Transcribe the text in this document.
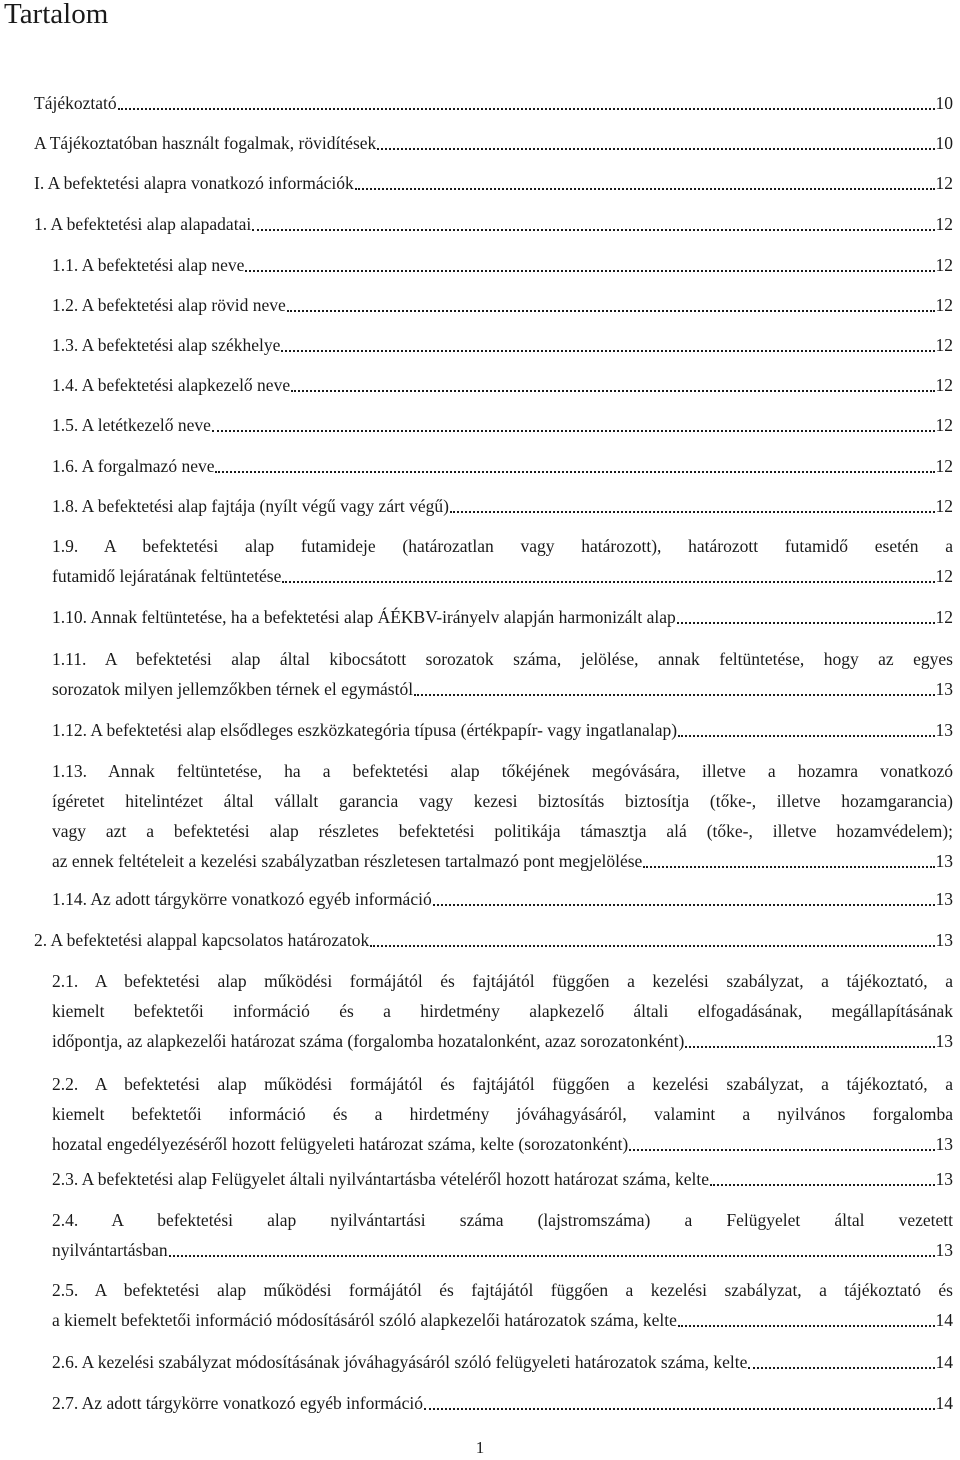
Tartalom
Tájékoztató	10
A Tájékoztatóban használt fogalmak, rövidítések	10
I. A befektetési alapra vonatkozó információk	12
1. A befektetési alap alapadatai	12
1.1. A befektetési alap neve	12
1.2. A befektetési alap rövid neve	12
1.3. A befektetési alap székhelye	12
1.4. A befektetési alapkezelő neve	12
1.5. A letétkezelő neve	12
1.6. A forgalmazó neve	12
1.8. A befektetési alap fajtája (nyílt végű vagy zárt végű)	12
1.9. A befektetési alap futamideje (határozatlan vagy határozott), határozott futamidő esetén a
futamidő lejáratának feltüntetése	12
1.10. Annak feltüntetése, ha a befektetési alap ÁÉKBV-irányelv alapján harmonizált alap	12
1.11. A befektetési alap által kibocsátott sorozatok száma, jelölése, annak feltüntetése, hogy az egyes
sorozatok milyen jellemzőkben térnek el egymástól	13
1.12. A befektetési alap elsődleges eszközkategória típusa (értékpapír- vagy ingatlanalap)	13
1.13. Annak feltüntetése, ha a befektetési alap tőkéjének megóvására, illetve a hozamra vonatkozó
ígéretet hitelintézet által vállalt garancia vagy kezesi biztosítás biztosítja (tőke-, illetve hozamgarancia)
vagy azt a befektetési alap részletes befektetési politikája támasztja alá (tőke-, illetve hozamvédelem);
az ennek feltételeit a kezelési szabályzatban részletesen tartalmazó pont megjelölése	13
1.14. Az adott tárgykörre vonatkozó egyéb információ	13
2. A befektetési alappal kapcsolatos határozatok	13
2.1. A befektetési alap működési formájától és fajtájától függően a kezelési szabályzat, a tájékoztató, a
kiemelt befektetői információ és a hirdetmény alapkezelő általi elfogadásának, megállapításának
időpontja, az alapkezelői határozat száma (forgalomba hozatalonként, azaz sorozatonként)	13
2.2. A befektetési alap működési formájától és fajtájától függően a kezelési szabályzat, a tájékoztató, a
kiemelt befektetői információ és a hirdetmény jóváhagyásáról, valamint a nyilvános forgalomba
hozatal engedélyezéséről hozott felügyeleti határozat száma, kelte (sorozatonként)	13
2.3. A befektetési alap Felügyelet általi nyilvántartásba vételéről hozott határozat száma, kelte	13
2.4. A befektetési alap nyilvántartási száma (lajstromszáma) a Felügyelet által vezetett
nyilvántartásban	13
2.5. A befektetési alap működési formájától és fajtájától függően a kezelési szabályzat, a tájékoztató és
a kiemelt befektetői információ módosításáról szóló alapkezelői határozatok száma, kelte	14
2.6. A kezelési szabályzat módosításának jóváhagyásáról szóló felügyeleti határozatok száma, kelte	14
2.7. Az adott tárgykörre vonatkozó egyéb információ	14
1
